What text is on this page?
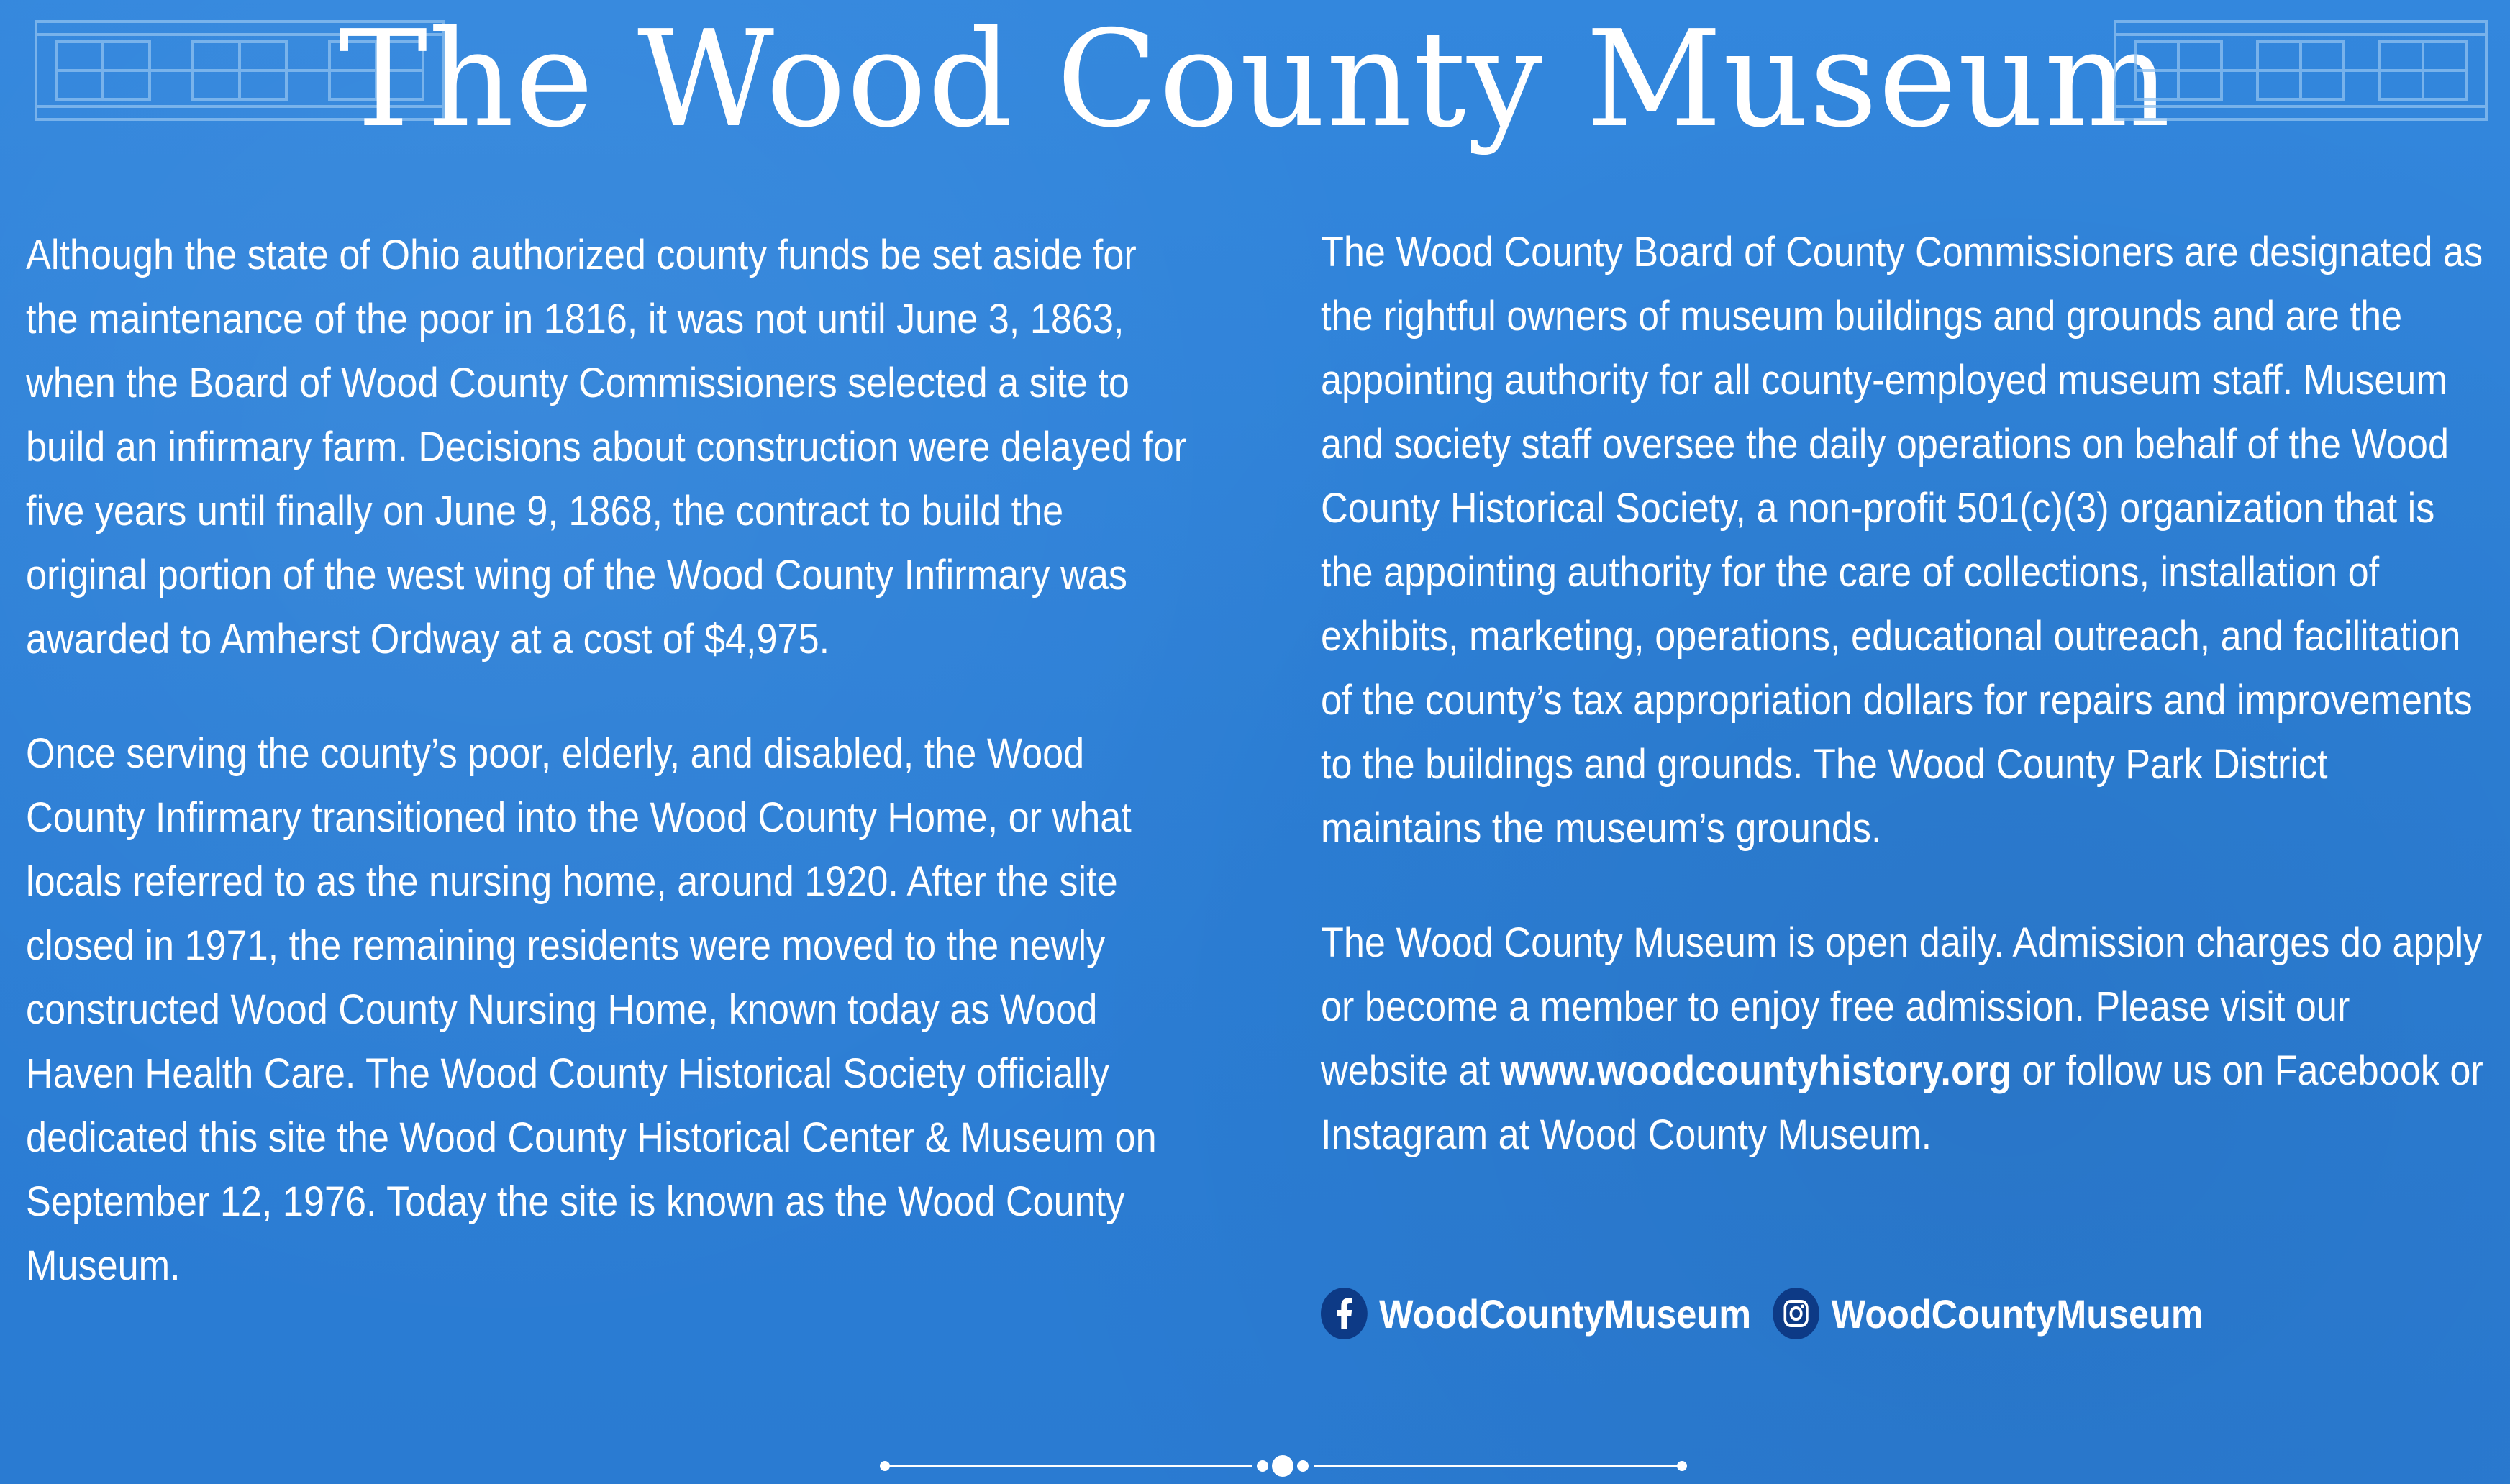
The Wood County Museum

Although the state of Ohio authorized county funds be set aside for the maintenance of the poor in 1816, it was not until June 3, 1863, when the Board of Wood County Commissioners selected a site to build an infirmary farm. Decisions about construction were delayed for five years until finally on June 9, 1868, the contract to build the original portion of the west wing of the Wood County Infirmary was awarded to Amherst Ordway at a cost of $4,975.

Once serving the county’s poor, elderly, and disabled, the Wood County Infirmary transitioned into the Wood County Home, or what locals referred to as the nursing home, around 1920. After the site closed in 1971, the remaining residents were moved to the newly constructed Wood County Nursing Home, known today as Wood Haven Health Care. The Wood County Historical Society officially dedicated this site the Wood County Historical Center & Museum on September 12, 1976. Today the site is known as the Wood County Museum.

The Wood County Board of County Commissioners are designated as the rightful owners of museum buildings and grounds and are the appointing authority for all county-employed museum staff. Museum and society staff oversee the daily operations on behalf of the Wood County Historical Society, a non-profit 501(c)(3) organization that is the appointing authority for the care of collections, installation of exhibits, marketing, operations, educational outreach, and facilitation of the county’s tax appropriation dollars for repairs and improvements to the buildings and grounds. The Wood County Park District maintains the museum’s grounds.

The Wood County Museum is open daily. Admission charges do apply or become a member to enjoy free admission. Please visit our website at www.woodcountyhistory.org or follow us on Facebook or Instagram at Wood County Museum.

WoodCountyMuseum WoodCountyMuseum
